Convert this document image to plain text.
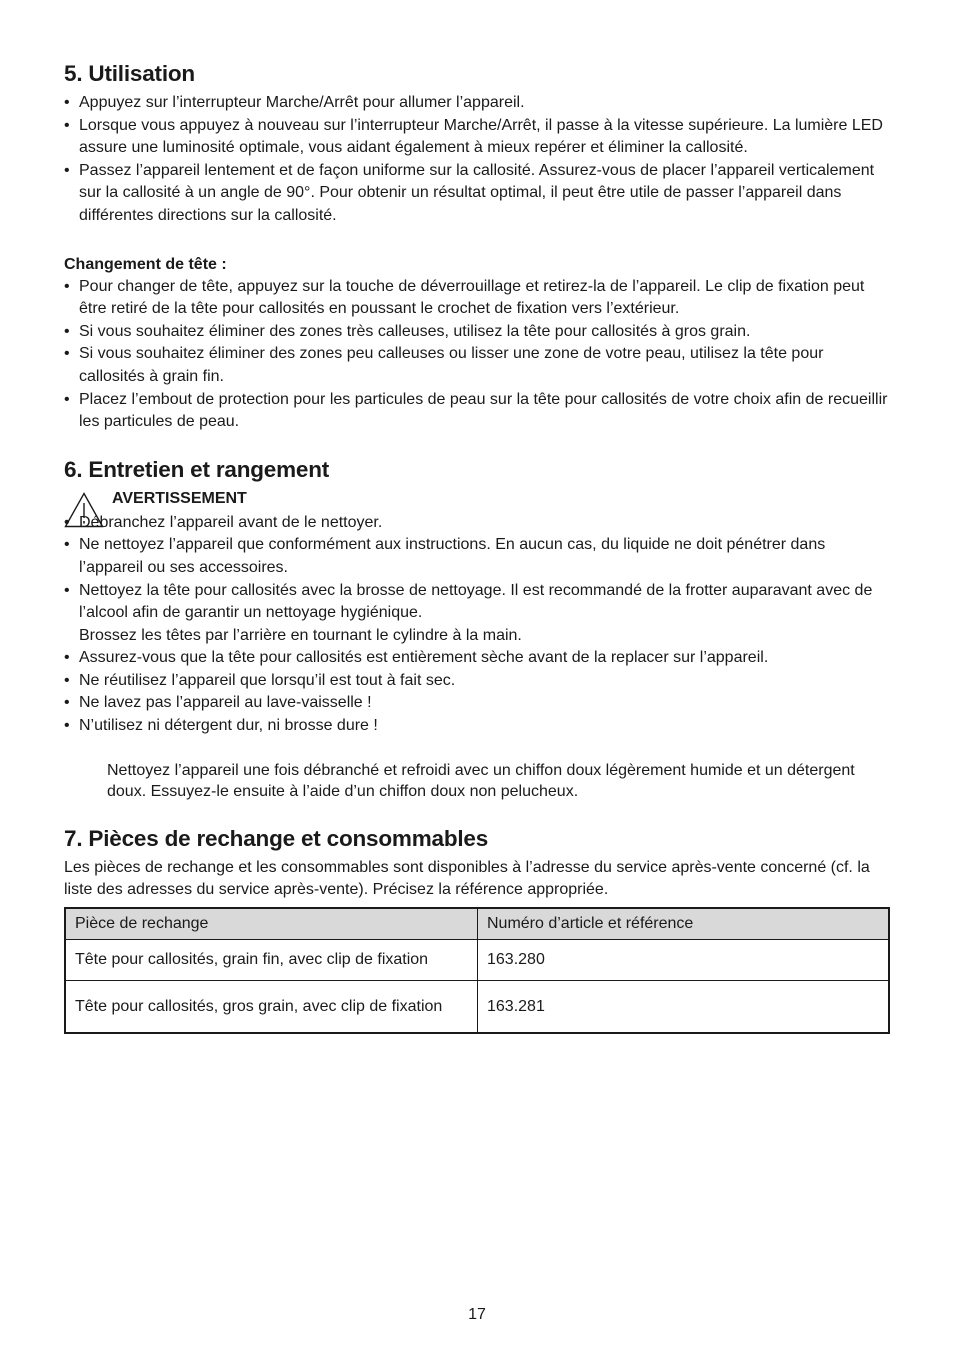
5. Utilisation
• Appuyez sur l’interrupteur Marche/Arrêt pour allumer l’appareil.
• Lorsque vous appuyez à nouveau sur l’interrupteur Marche/Arrêt, il passe à la vitesse supérieure. La lumière LED assure une luminosité optimale, vous aidant également à mieux repérer et éliminer la callosité.
• Passez l’appareil lentement et de façon uniforme sur la callosité. Assurez-vous de placer l’appareil verticalement sur la callosité à un angle de 90°. Pour obtenir un résultat optimal, il peut être utile de passer l’appareil dans différentes directions sur la callosité.
Changement de tête :
• Pour changer de tête, appuyez sur la touche de déverrouillage et retirez-la de l’appareil. Le clip de fixation peut être retiré de la tête pour callosités en poussant le crochet de fixation vers l’extérieur.
• Si vous souhaitez éliminer des zones très calleuses, utilisez la tête pour callosités à gros grain.
• Si vous souhaitez éliminer des zones peu calleuses ou lisser une zone de votre peau, utilisez la tête pour callosités à grain fin.
• Placez l’embout de protection pour les particules de peau sur la tête pour callosités de votre choix afin de recueillir les particules de peau.
6. Entretien et rangement
AVERTISSEMENT
• Débranchez l’appareil avant de le nettoyer.
• Ne nettoyez l’appareil que conformément aux instructions. En aucun cas, du liquide ne doit pénétrer dans l’appareil ou ses accessoires.
• Nettoyez la tête pour callosités avec la brosse de nettoyage. Il est recommandé de la frotter auparavant avec de l’alcool afin de garantir un nettoyage hygiénique.
Brossez les têtes par l’arrière en tournant le cylindre à la main.
• Assurez-vous que la tête pour callosités est entièrement sèche avant de la replacer sur l’appareil.
• Ne réutilisez l’appareil que lorsqu’il est tout à fait sec.
• Ne lavez pas l’appareil au lave-vaisselle !
• N’utilisez ni détergent dur, ni brosse dure !

Nettoyez l’appareil une fois débranché et refroidi avec un chiffon doux légèrement humide et un détergent doux. Essuyez-le ensuite à l’aide d’un chiffon doux non pelucheux.

7. Pièces de rechange et consommables

Les pièces de rechange et les consommables sont disponibles à l’adresse du service après-vente concerné (cf. la liste des adresses du service après-vente). Précisez la référence appropriée.

Pièce de rechange	Numéro d’article et référence
Tête pour callosités, grain fin, avec clip de fixation	163.280
Tête pour callosités, gros grain, avec clip de fixation	163.281
17
